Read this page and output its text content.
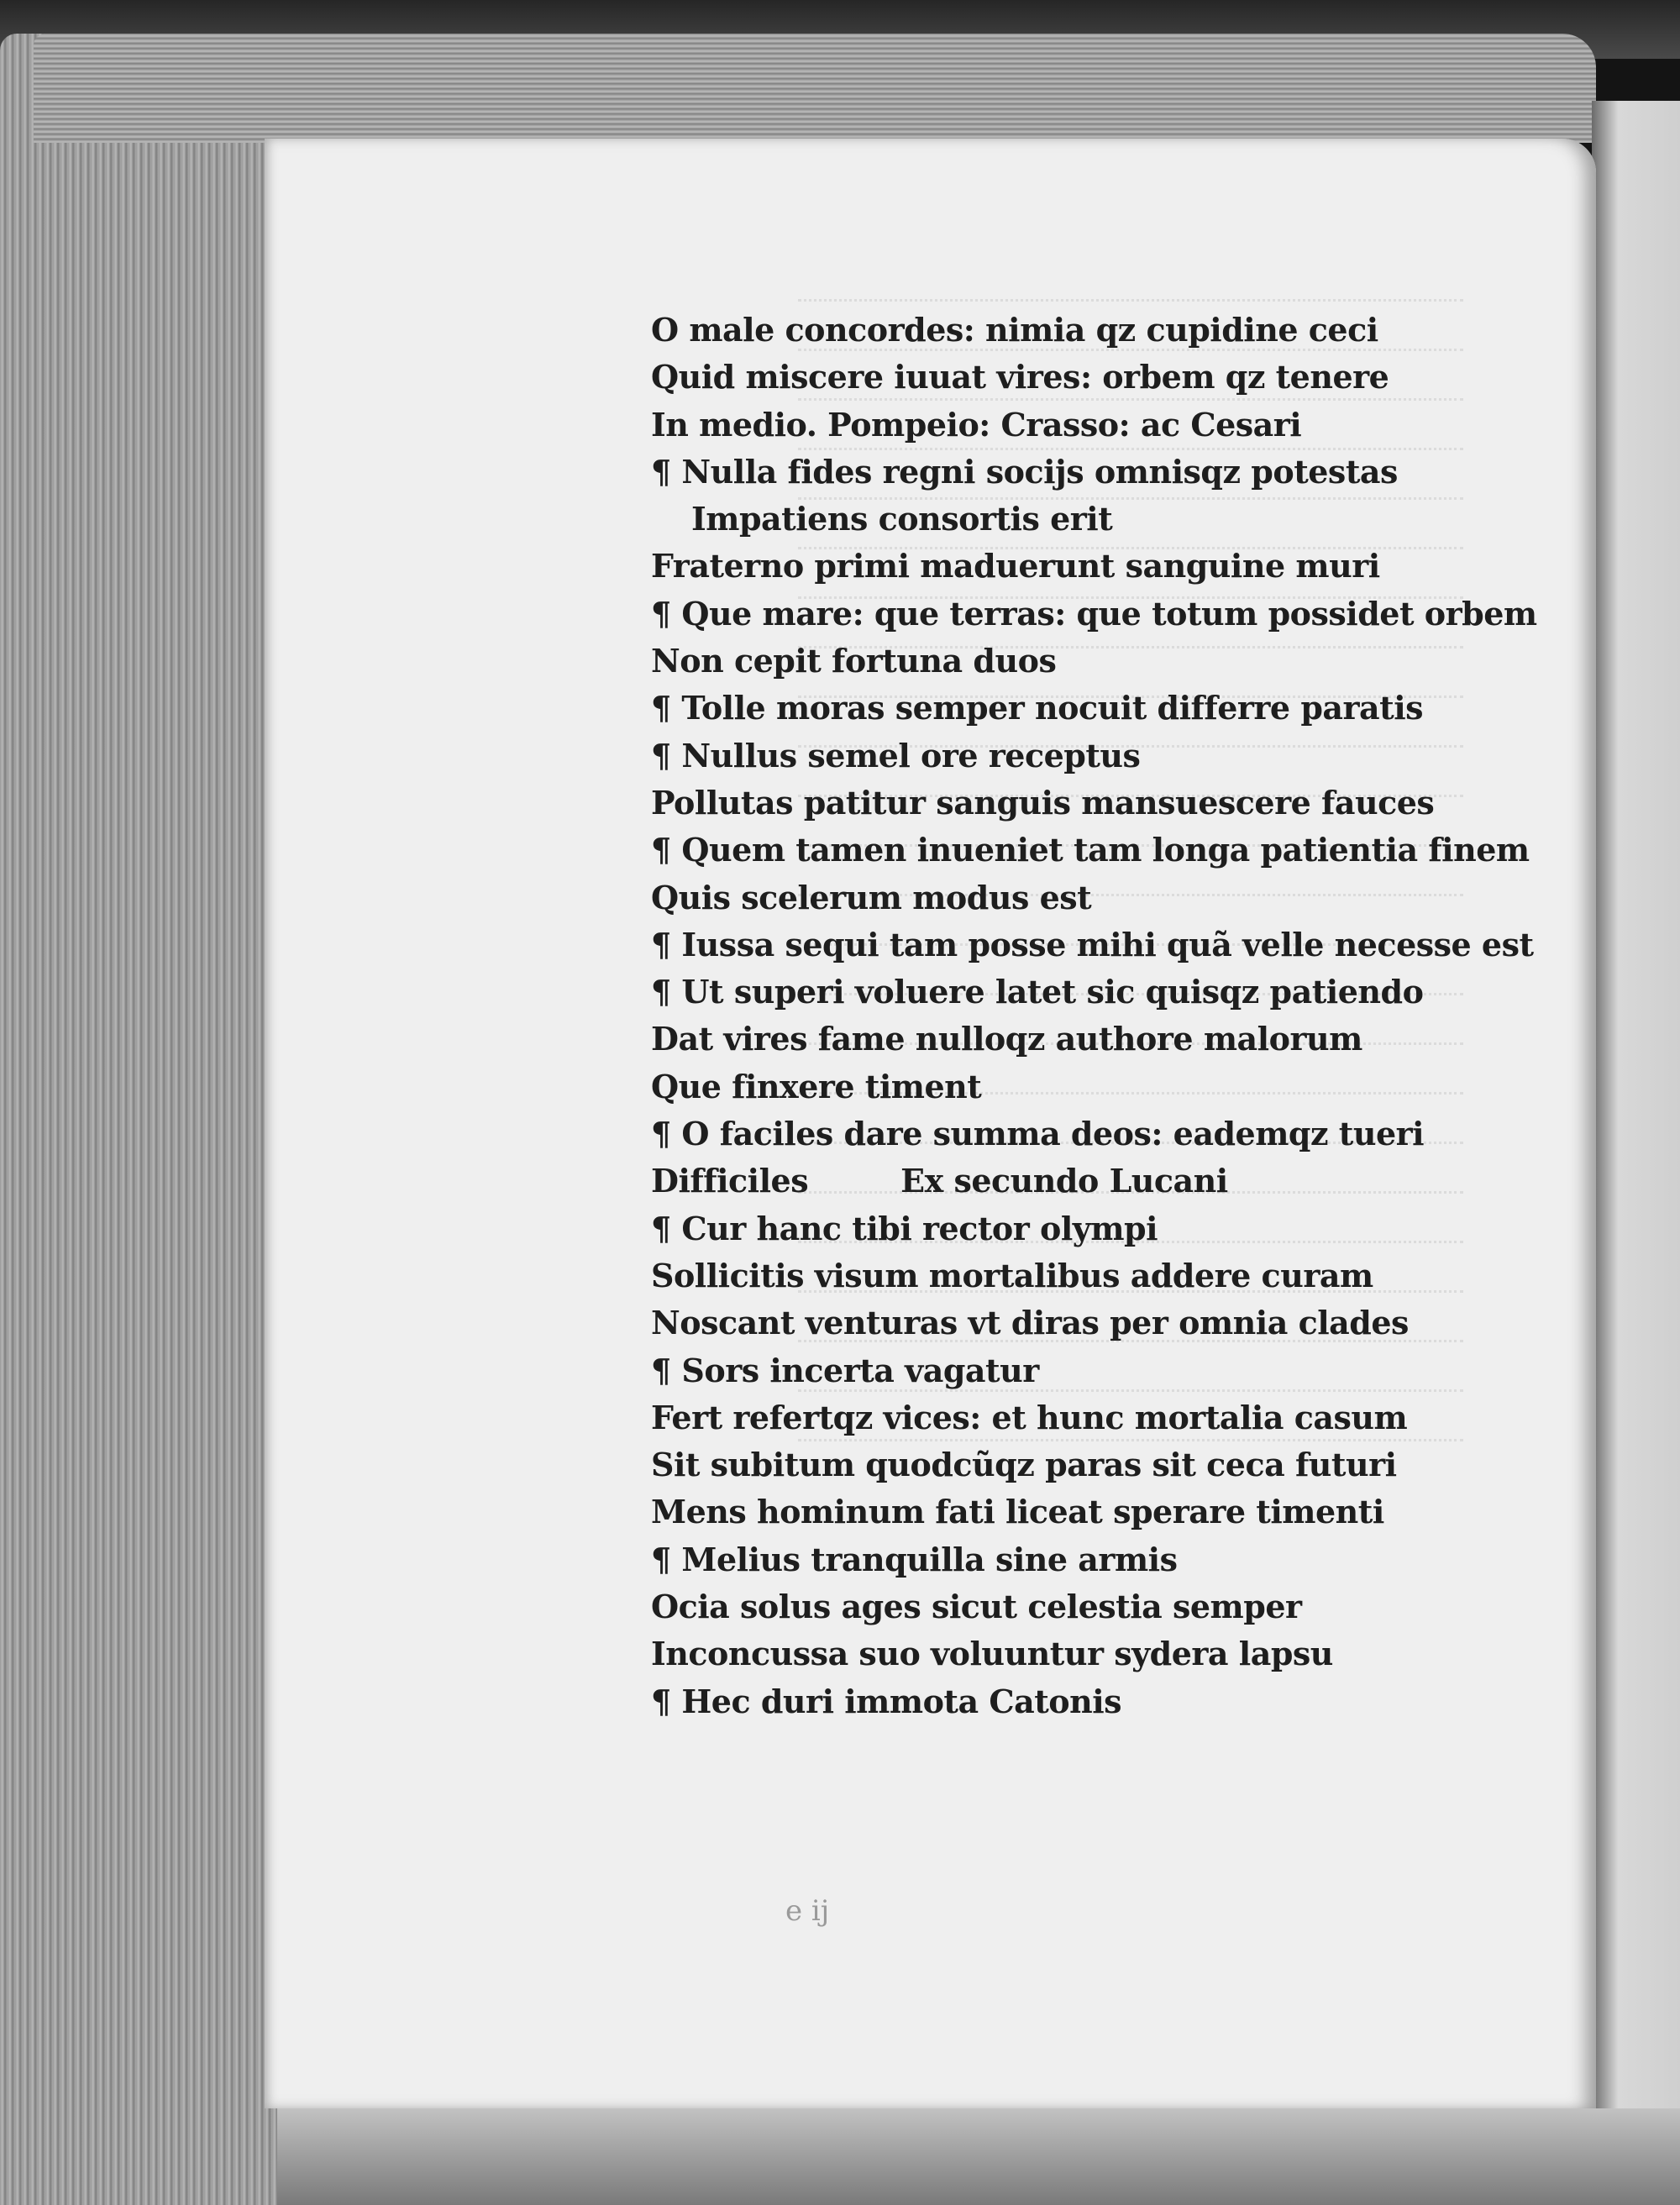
O male concordes: nimia qz cupidine ceci
Quid miscere iuuat vires: orbem qz tenere
In medio. Pompeio: Crasso: ac Cesari
¶ Nulla fides regni socijs omnisqz potestas
Impatiens consortis erit
Fraterno primi maduerunt sanguine muri
¶ Que mare: que terras: que totum possidet orbem
Non cepit fortuna duos
¶ Tolle moras semper nocuit differre paratis
¶ Nullus semel ore receptus
Pollutas patitur sanguis mansuescere fauces
¶ Quem tamen inueniet tam longa patientia finem
Quis scelerum modus est
¶ Iussa sequi tam posse mihi quã velle necesse est
¶ Ut superi voluere latet sic quisqz patiendo
Dat vires fame nulloqz authore malorum
Que finxere timent
¶ O faciles dare summa deos: eademqz tueri
Difficiles	Ex secundo Lucani
¶ Cur hanc tibi rector olympi
Sollicitis visum mortalibus addere curam
Noscant venturas vt diras per omnia clades
¶ Sors incerta vagatur
Fert refertqz vices: et hunc mortalia casum
Sit subitum quodcũqz paras sit ceca futuri
Mens hominum fati liceat sperare timenti
¶ Melius tranquilla sine armis
Ocia solus ages sicut celestia semper
Inconcussa suo voluuntur sydera lapsu
¶ Hec duri immota Catonis
e ij
